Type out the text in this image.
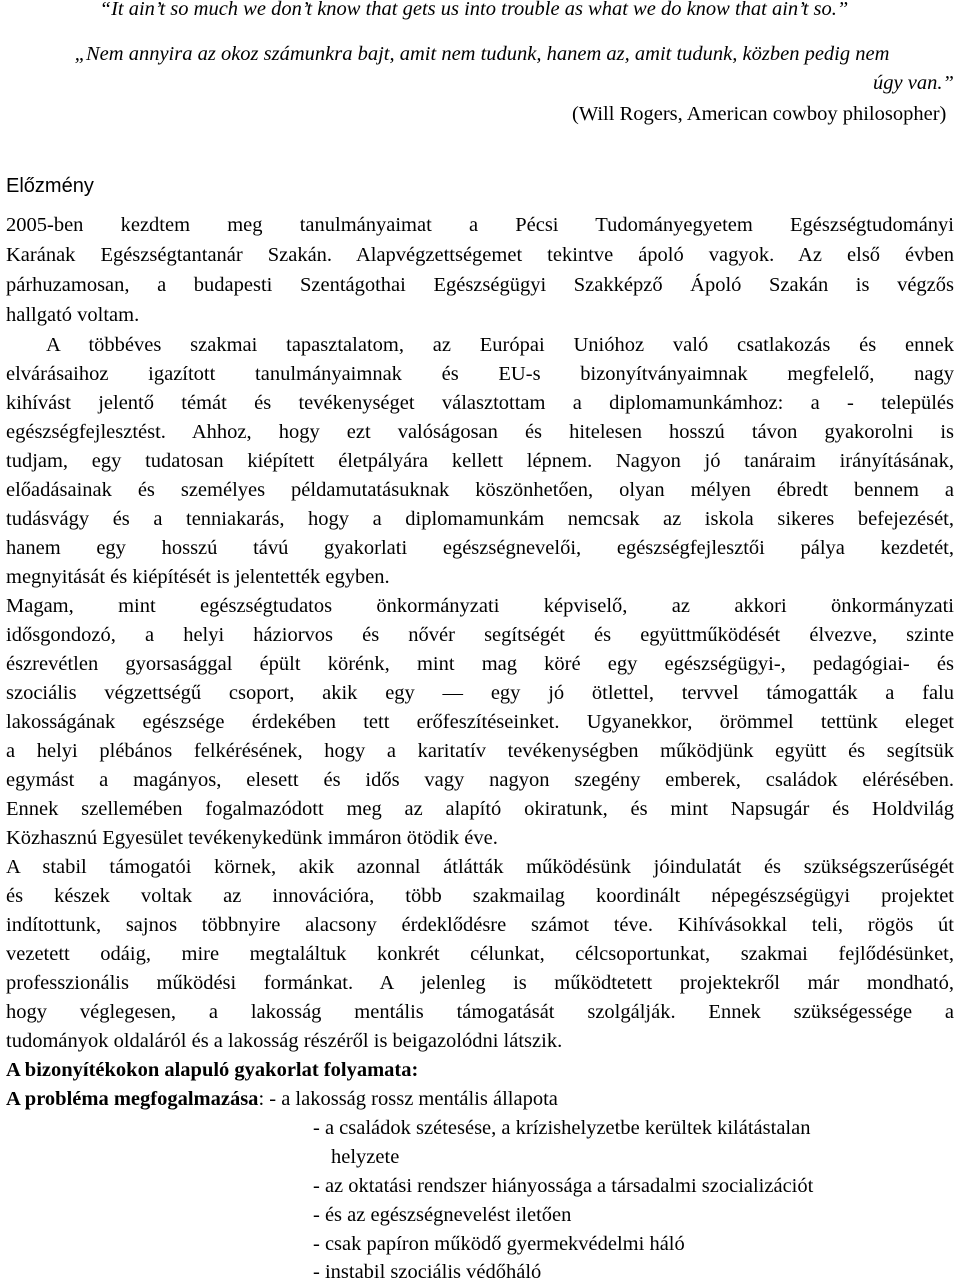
“It ain’t so much we don’t know that gets us into trouble as what we do know that ain’t so.”
„Nem annyira az okoz számunkra bajt, amit nem tudunk, hanem az, amit tudunk, közben pedig nem
úgy van.”
(Will Rogers, American cowboy philosopher)
Előzmény
2005-ben kezdtem meg tanulmányaimat a Pécsi Tudományegyetem Egészségtudományi
Karának Egészségtantanár Szakán. Alapvégzettségemet tekintve ápoló vagyok. Az első évben
párhuzamosan, a budapesti Szentágothai Egészségügyi Szakképző Ápoló Szakán is végzős
hallgató voltam.
A többéves szakmai tapasztalatom, az Európai Unióhoz való csatlakozás és ennek
elvárásaihoz igazított tanulmányaimnak és EU-s bizonyítványaimnak megfelelő, nagy
kihívást jelentő témát és tevékenységet választottam a diplomamunkámhoz: a - település
egészségfejlesztést. Ahhoz, hogy ezt valóságosan és hitelesen hosszú távon gyakorolni is
tudjam, egy tudatosan kiépített életpályára kellett lépnem. Nagyon jó tanáraim irányításának,
előadásainak és személyes példamutatásuknak köszönhetően, olyan mélyen ébredt bennem a
tudásvágy és a tenniakarás, hogy a diplomamunkám nemcsak az iskola sikeres befejezését,
hanem egy hosszú távú gyakorlati egészségnevelői, egészségfejlesztői pálya kezdetét,
megnyitását és kiépítését is jelentették egyben.
Magam, mint egészségtudatos önkormányzati képviselő, az akkori önkormányzati
idősgondozó, a helyi háziorvos és nővér segítségét és együttműködését élvezve, szinte
észrevétlen gyorsasággal épült körénk, mint mag köré egy egészségügyi-, pedagógiai- és
szociális végzettségű csoport, akik egy — egy jó ötlettel, tervvel támogatták a falu
lakosságának egészsége érdekében tett erőfeszítéseinket. Ugyanekkor, örömmel tettünk eleget
a helyi plébános felkérésének, hogy a karitatív tevékenységben működjünk együtt és segítsük
egymást a magányos, elesett és idős vagy nagyon szegény emberek, családok elérésében.
Ennek szellemében fogalmazódott meg az alapító okiratunk, és mint Napsugár és Holdvilág
Közhasznú Egyesület tevékenykedünk immáron ötödik éve.
A stabil támogatói körnek, akik azonnal átlátták működésünk jóindulatát és szükségszerűségét
és készek voltak az innovációra, több szakmailag koordinált népegészségügyi projektet
indítottunk, sajnos többnyire alacsony érdeklődésre számot téve. Kihívásokkal teli, rögös út
vezetett odáig, mire megtaláltuk konkrét célunkat, célcsoportunkat, szakmai fejlődésünket,
professzionális működési formánkat. A jelenleg is működtetett projektekről már mondható,
hogy véglegesen, a lakosság mentális támogatását szolgálják. Ennek szükségessége a
tudományok oldaláról és a lakosság részéről is beigazolódni látszik.
A bizonyítékokon alapuló gyakorlat folyamata:
A probléma megfogalmazása: - a lakosság rossz mentális állapota
- a családok szétesése, a krízishelyzetbe kerültek kilátástalan
helyzete
- az oktatási rendszer hiányossága a társadalmi szocializációt
- és az egészségnevelést iletően
- csak papíron működő gyermekvédelmi háló
- instabil szociális védőháló
